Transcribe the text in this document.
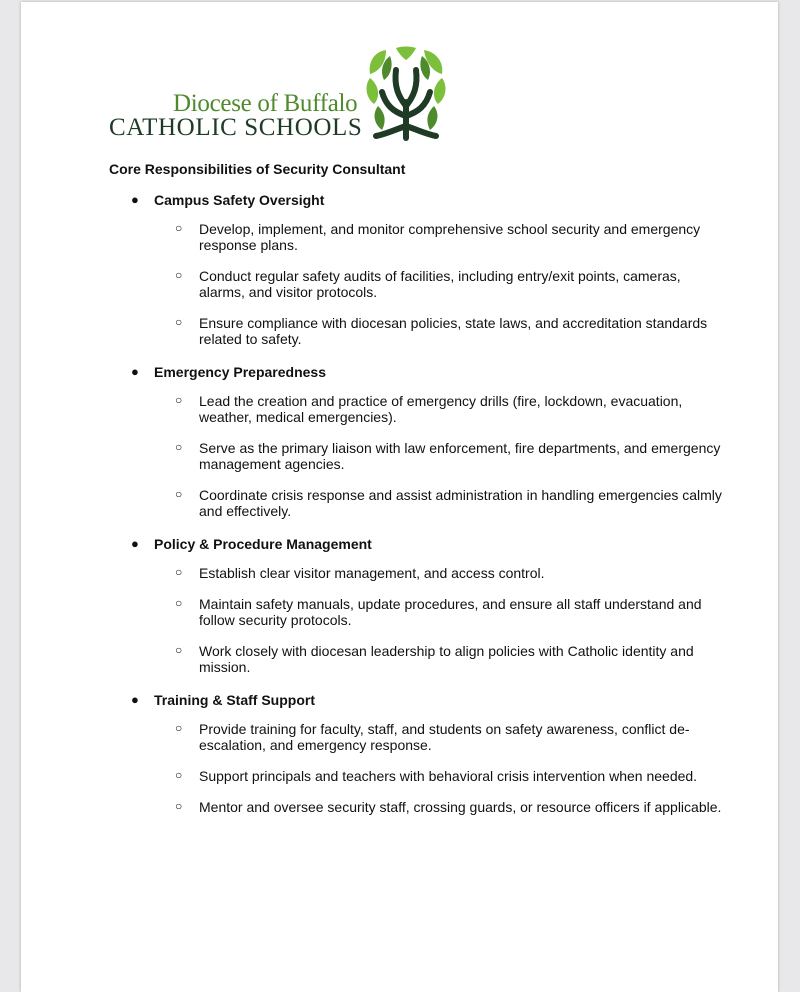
Diocese of Buffalo
CATHOLIC SCHOOLS
Core Responsibilities of Security Consultant
● Campus Safety Oversight
○ Develop, implement, and monitor comprehensive school security and emergency response plans.
○ Conduct regular safety audits of facilities, including entry/exit points, cameras, alarms, and visitor protocols.
○ Ensure compliance with diocesan policies, state laws, and accreditation standards related to safety.
● Emergency Preparedness
○ Lead the creation and practice of emergency drills (fire, lockdown, evacuation, weather, medical emergencies).
○ Serve as the primary liaison with law enforcement, fire departments, and emergency management agencies.
○ Coordinate crisis response and assist administration in handling emergencies calmly and effectively.
● Policy & Procedure Management
○ Establish clear visitor management, and access control.
○ Maintain safety manuals, update procedures, and ensure all staff understand and follow security protocols.
○ Work closely with diocesan leadership to align policies with Catholic identity and mission.
● Training & Staff Support
○ Provide training for faculty, staff, and students on safety awareness, conflict de-escalation, and emergency response.
○ Support principals and teachers with behavioral crisis intervention when needed.
○ Mentor and oversee security staff, crossing guards, or resource officers if applicable.
